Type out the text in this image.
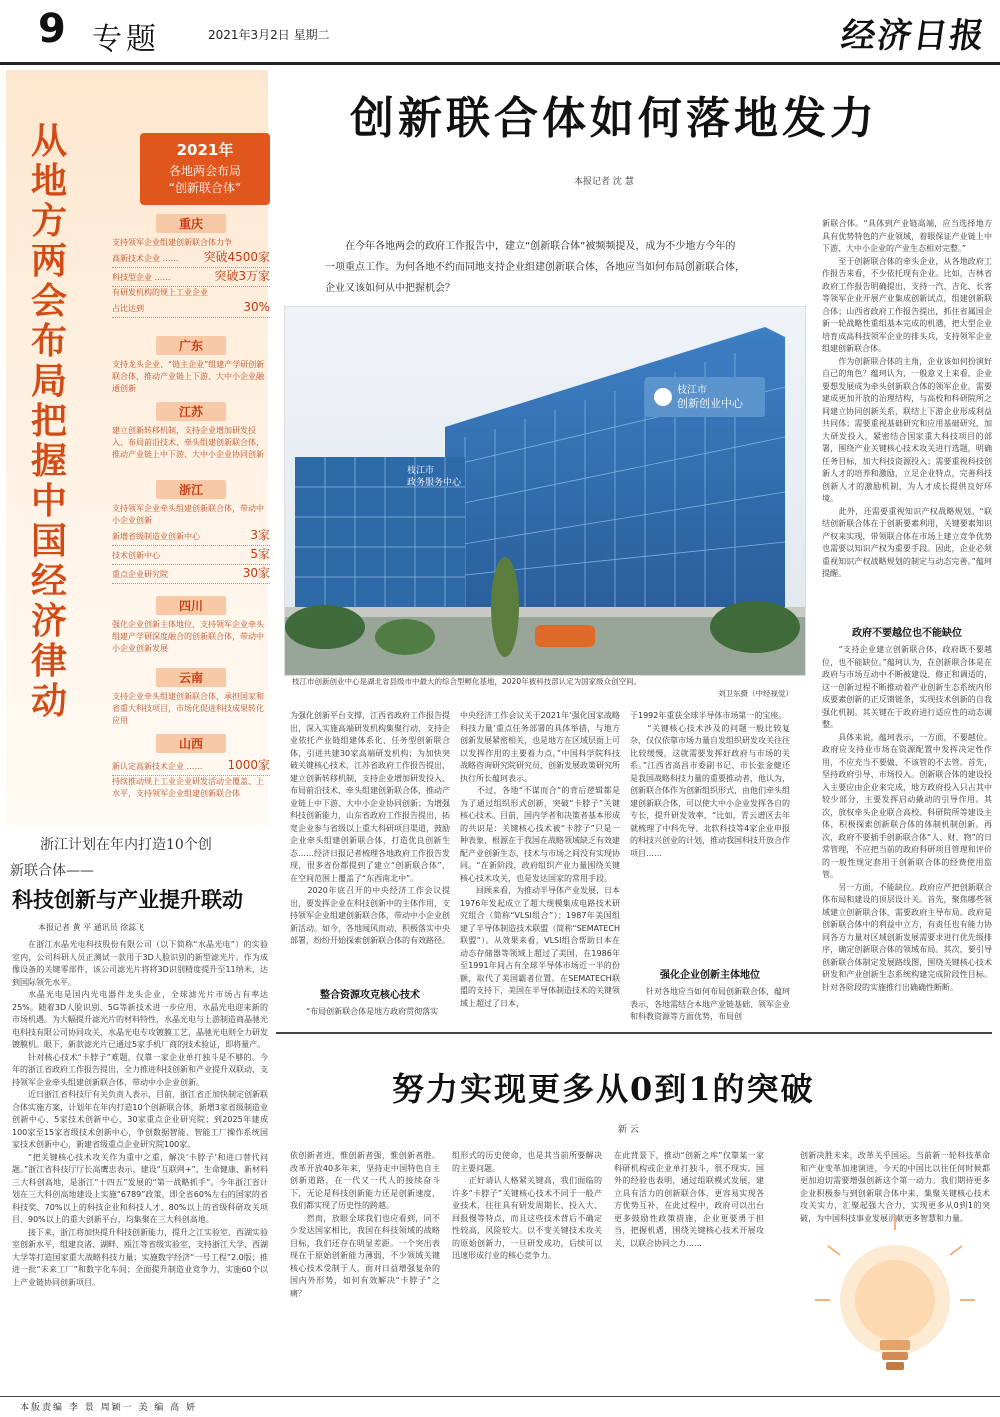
9 专题	2021年3月2日 星期二	经济日报
从地方两会布局把握中国经济律动
2021年
各地两会布局
“创新联合体”
重庆

支持领军企业组建创新联合体力争

高新技术企业 …… 突破4500家
科技型企业 ……	突破3万家

有研发机构的规上工业企业

占比达到	30%
广东

支持龙头企业、“链主企业”组建产学研创新联合体，推动产业链上下游、大中小企业融通创新

江苏

建立创新转移机制，支持企业增加研发投入、布局前沿技术、牵头组建创新联合体，推动产业链上中下游、大中小企业协同创新

浙江

支持领军企业牵头组建创新联合体，带动中小企业创新

新增省级制造业创新中心	3家
技术创新中心	5家
重点企业研究院	30家
四川

强化企业创新主体地位，支持领军企业牵头组建产学研深度融合的创新联合体，带动中小企业创新发展

云南

支持企业牵头组建创新联合体，承担国家和省重大科技项目，市场化促进科技成果转化应用

山西
新认定高新技术企业 …… 1000家

持续推动规上工业企业研发活动全覆盖、上水平，支持领军企业组建创新联合体

浙江计划在年内打造10个创
新联合体——
科技创新与产业提升联动
本报记者 黄 平 通讯员 徐蕊飞

在浙江水晶光电科技股份有限公司（以下简称“水晶光电”）的实验室内，公司科研人员正测试一款用于3D人脸识别的新型滤光片。作为成像设备的关键零部件，该公司滤光片将将3D识别精度提升至11纳米，达到国际领先水平。

水晶光电是国内光电器件龙头企业，全球滤光片市场占有率达25%。随着3D人脸识别、5G等新技术进一步应用，水晶光电迎来新的市场机遇。为大幅提升滤光片的材料特性，水晶光电与上游制造商晶驰光电科技有限公司协同攻关，水晶光电专攻镀膜工艺，晶驰光电则全力研发镀膜机。眼下，新款滤光片已通过5家手机厂商的技术验证，即将量产。

针对核心技术“卡脖子”难题，仅靠一家企业单打独斗是不够的。今年的浙江省政府工作报告提出，全力推进科技创新和产业提升双联动，支持领军企业牵头组建创新联合体，带动中小企业创新。

近日浙江省科技厅有关负责人表示，目前，浙江省正加快制定创新联合体实施方案，计划年在年内打造10个创新联合体，新增3家省级制造业创新中心、5家技术创新中心、30家重点企业研究院；到2025年建成100家至15家省级技术创新中心，争创数据智能、智能工厂操作系统国家技术创新中心，新建省级重点企业研究院100家。

“把关键核心技术攻关作为重中之重，解决‘卡脖子’和进口替代问题。”浙江省科技厅厅长高鹰忠表示，建设“互联网+”、生命健康、新材料三大科创高地，是浙江“十四五”发展的“第一战略抓手”。今年浙江省计划在三大科创高地建设上实施“6789”政策，即全省60%左右的国家的省科技奖、70%以上的科技企业和科技人才、80%以上的省级科研攻关项目、90%以上的重大创新平台，均集聚在三大科创高地。

接下来，浙江将加快提升科技创新能力，提升之江实验室、西湖实验室创新水平，组建良渚、湖畔、瓯江等省级实验室，支持浙江大学、西湖大学等打造国家重大战略科技力量；实施数字经济“一号工程”2.0版；推进一批“未来工厂”和数字化车间；全面提升制造业竞争力，实施60个以上产业链协同创新项目。

创新联合体如何落地发力
本报记者 沈 慧

在今年各地两会的政府工作报告中，建立“创新联合体”被频频提及，成为不少地方今年的一项重点工作。为何各地不约而同地支持企业组建创新联合体，各地应当如何布局创新联合体，企业又该如何从中把握机会？

枝江市
创新创业中心
枝江市
政务服务中心

枝江市创新创业中心是湖北省县级市中最大的综合型孵化基地，2020年被科技部认定为国家级众创空间。

刘卫东摄（中经视觉）

为强化创新平台支撑，江西省政府工作报告提出，深入实施高端研发机构集聚行动，支持企业依托产业链组建体系化、任务型创新联合体，引进共建30家高端研发机构；为加快突破关键核心技术，江苏省政府工作报告提出，建立创新转移机制，支持企业增加研发投入、布局前沿技术、牵头组建创新联合体，推动产业链上中下游、大中小企业协同创新；为增强科技创新能力，山东省政府工作报告提出，拓宽企业参与省级以上重大科研项目渠道，鼓励企业牵头组建创新联合体，打造优良创新生态……经济日报记者梳理各地政府工作报告发现，很多省份都提到了建立“创新联合体”，在空间范围上覆盖了“东西南北中”。
　　2020年底召开的中央经济工作会议提出，要发挥企业在科技创新中的主体作用，支持领军企业组建创新联合体，带动中小企业创新活动。如今，各地闻风而动，积极落实中央部署，纷纷开始探索创新联合体的有效路径。

整合资源攻克核心技术

　　“布局创新联合体是地方政府贯彻落实

中央经济工作会议关于2021年‘强化国家战略科技力量’重点任务部署的具体举措，与地方创新发展紧密相关，也是地方在区域层面上可以发挥作用的主要着力点。”中国科学院科技战略咨询研究院研究员、创新发展政策研究所执行所长蕴珂表示。
　　不过，各地“不谋而合”的背后逻辑都是为了通过组织形式创新，突破“卡脖子”关键核心技术。目前，国内学者和决策者基本形成的共识是：关键核心技术被“卡脖子”只是一种表象，根源在于我国在战略领域缺乏有效建配产业创新生态，技术与市场之间没有实现协同。“在新阶段，政府组织产业力量围绕关键核心技术攻关，也是发达国家的常用手段。
　　回顾来看，为推动半导体产业发展，日本1976年发起成立了超大规模集成电路技术研究组合（简称“VLSI组合”）；1987年美国组建了半导体制造技术联盟（简称“SEMATECH联盟”）。从效果来看，VLSI组合帮助日本在动态存储器等领域上超过了美国，在1986年至1991年间占有全球半导体市场近一半的份额，取代了美国霸者位置。在SEMATECH联盟的支持下，美国在半导体制造技术的关键领域上超过了日本，

于1992年重获全球半导体市场第一的宝座。
　　“关键核心技术涉及的问题一般比较复杂，仅仅依靠市场力量自发组织研发攻关往往比较缓慢，这就需要发挥好政府与市场的关系。”江西省高昌市委副书记、市长张金健还是我国战略科技力量的重要推动者，他认为，创新联合体作为创新组织形式，由他们牵头组建创新联合体，可以使大中小企业发挥各自的专长，提升研发效率，“比如，青云谱区去年就梳理了中科先导、北软科技等4家企业申报的科技兴创业的计划，推动我国科技开放合作项目……

强化企业创新主体地位

　　针对各地应当如何布局创新联合体，蕴珂表示，各地需结合本地产业链基础、领军企业和科教资源等方面优势，布局创

新联合体。“具体到产业链高端，应当选择地方具有优势特色的产业领域，着眼保证产业链上中下游、大中小企业的产业生态相对完整。”
　　至于创新联合体的牵头企业，从各地政府工作报告来看，不少依托现有企业。比如，吉林省政府工作报告明确提出，支持一汽、吉化、长客等领军企业开展产业集成创新试点，组建创新联合体；山西省政府工作报告提出，抓住省属国企新一轮战略性重组基本完成的机遇，把大型企业培育成高科技领军企业的排头兵，支持领军企业组建创新联合体。
　　作为创新联合体的主角，企业该如何扮演好自己的角色？蕴珂认为，一般意义上来看，企业要想发展成为牵头创新联合体的领军企业，需要建成更加开放的治理结构，与高校和科研院所之间建立协同创新关系，联结上下游企业形成利益共同体；需要重视基础研究和应用基础研究，加大研发投入，紧密结合国家重大科技项目的部署，围绕产业关键核心技术攻关进行选题，明确任务目标，加大科技资源投入；需要重视科技创新人才的培养和激励，立足企业特点，完善科技创新人才的激励机制，为人才成长提供良好环境。
　　此外，还需要重视知识产权战略规划。“联结创新联合体在于创新要素利用，关键要素知识产权来实现，带领联合体在市场上建立竞争优势也需要以知识产权为重要手段。因此，企业必须重视知识产权战略规划的制定与动态完善。”蕴珂提醒。

政府不要越位也不能缺位

　　“支持企业建立创新联合体，政府既不要越位，也不能缺位。”蕴珂认为，在创新联合体是在政府与市场互动中不断被建设、修正和调适的，这一创新过程不断推动着产业创新生态系统内形成要素创新的正反馈链条，实现技术创新的自我强化机制。其关键在于政府进行适应性的动态调整。
　　具体来说，蕴珂表示，一方面，不要越位。政府应支持业市场在资源配置中发挥决定性作用，不应充当不要做、不该管的不去管。首先，坚持政府引导、市场投入。创新联合体的建设投入主要应由企业来完成，地方政府投入只占其中较少部分，主要发挥启动撬动的引导作用。其次，放权牵头企业联合高校、科研院所等建设主体，积极探索创新联合体的体制机制创新。再次，政府不要插手创新联合体“人、财、物”的日常管理，不应把当前的政府科研项目管理和评价的一般性规定套用于创新联合体的经费使用监管。
　　另一方面，不能缺位。政府应严把创新联合体布局和建设的顶层设计关。首先，聚焦哪些领域建立创新联合体，需要政府主导布局。政府是创新联合体中的利益中立方，有责任也有能力协同各方力量对区域创新发展需要求进行优先级排序，确定创新联合体的领域布局。其次，要引导创新联合体制定发展路线图，围绕关键核心技术研发和产业创新生态系统构建完成阶段性目标。针对各阶段的实施推行出确确性断断。

努力实现更多从0到1的突破
新 云

依创新者进，惟创新者强，惟创新者胜。改革开放40多年来，坚持走中国特色自主创新道路，在一代又一代人的接续奋斗下，无论是科技创新能力还是创新速度，我们都实现了历史性的跨越。
　　然而，放眼全球我们也应看到，同不少发达国家相比，我国在科技领域的战略目标，我们还存在明显差距。一个突出表现在于原始创新能力薄弱，不少领域关键核心技术受制于人，面对日益增强复杂的国内外形势，如何有效解决“卡脖子”之痛？

组形式的历史使命，也是其当前所要解决的主要问题。
　　正好请认人格紧关键高，我们面临的许多“卡脖子”关键核心技术不同于一般产业技术，往往具有研发周期长、投入大、回报慢等特点，而且这些技术背后不确定性较高，风险较大。以不变关键技术攻关的原始创新力，一旦研发成功，后续可以迅速形成行业的核心竞争力。

在此背景下，推动“创新之库”仅靠某一家科研机构或企业单打独斗，很不现实。国外的经验也表明，通过组联模式发展，建立具有活力的创新联合体，更容易实现各方优势互补，在此过程中，政府可以出台更多鼓励性政策措施，企业更要勇于担当，把握机遇，围绕关键核心技术开展攻关，以联合协同之力……

创新决胜未来，改革关乎国运。当前新一轮科技革命和产业变革加速演进，今天的中国比以往任何时候都更加迫切需要增强创新这个第一动力。我们期待更多企业积极参与到创新联合体中来，集聚关键核心技术攻关实力，汇聚起强大合力，实现更多从0到1的突破，为中国科技事业发展贡献更多智慧和力量。

本版责编 李 景 周颖一 美 编 高 妍
